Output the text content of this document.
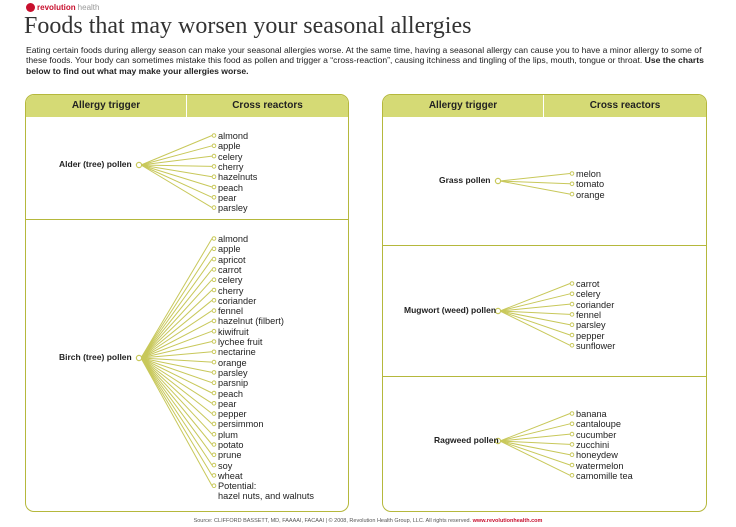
revolution health
Foods that may worsen your seasonal allergies
Eating certain foods during allergy season can make your seasonal allergies worse. At the same time, having a seasonal allergy can cause you to have a minor allergy to some of these foods. Your body can sometimes mistake this food as pollen and trigger a “cross-reaction”, causing itchiness and tingling of the lips, mouth, tongue or throat. Use the charts below to find out what may make your allergies worse.
Allergy trigger	Cross reactors
Alder (tree) pollen
almond
apple
celery
cherry
hazelnuts
peach
pear
parsley
Birch (tree) pollen
almond
apple
apricot
carrot
celery
cherry
coriander
fennel
hazelnut (filbert)
kiwifruit
lychee fruit
nectarine
orange
parsley
parsnip
peach
pear
pepper
persimmon
plum
potato
prune
soy
wheat
Potential:
hazel nuts, and walnuts
Allergy trigger	Cross reactors
Grass pollen
melon
tomato
orange
Mugwort (weed) pollen
carrot
celery
coriander
fennel
parsley
pepper
sunflower
Ragweed pollen
banana
cantaloupe
cucumber
zucchini
honeydew
watermelon
camomille tea
Source: CLIFFORD BASSETT, MD, FAAAAI, FACAAI | © 2008, Revolution Health Group, LLC. All rights reserved. www.revolutionhealth.com
